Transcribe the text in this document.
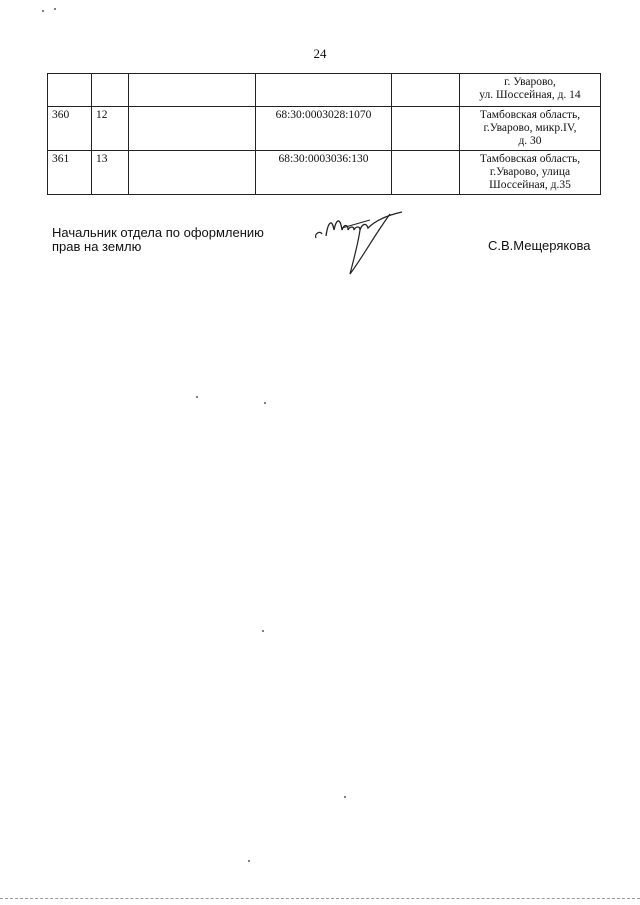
24

					г. Уварово,
ул. Шоссейная, д. 14

360	12		68:30:0003028:1070		Тамбовская область,
г.Уварово, микр.IV,
д. 30

361	13		68:30:0003036:130		Тамбовская область,
г.Уварово, улица
Шоссейная, д.35
Начальник отдела по оформлению
прав на землю	С.В.Мещерякова
